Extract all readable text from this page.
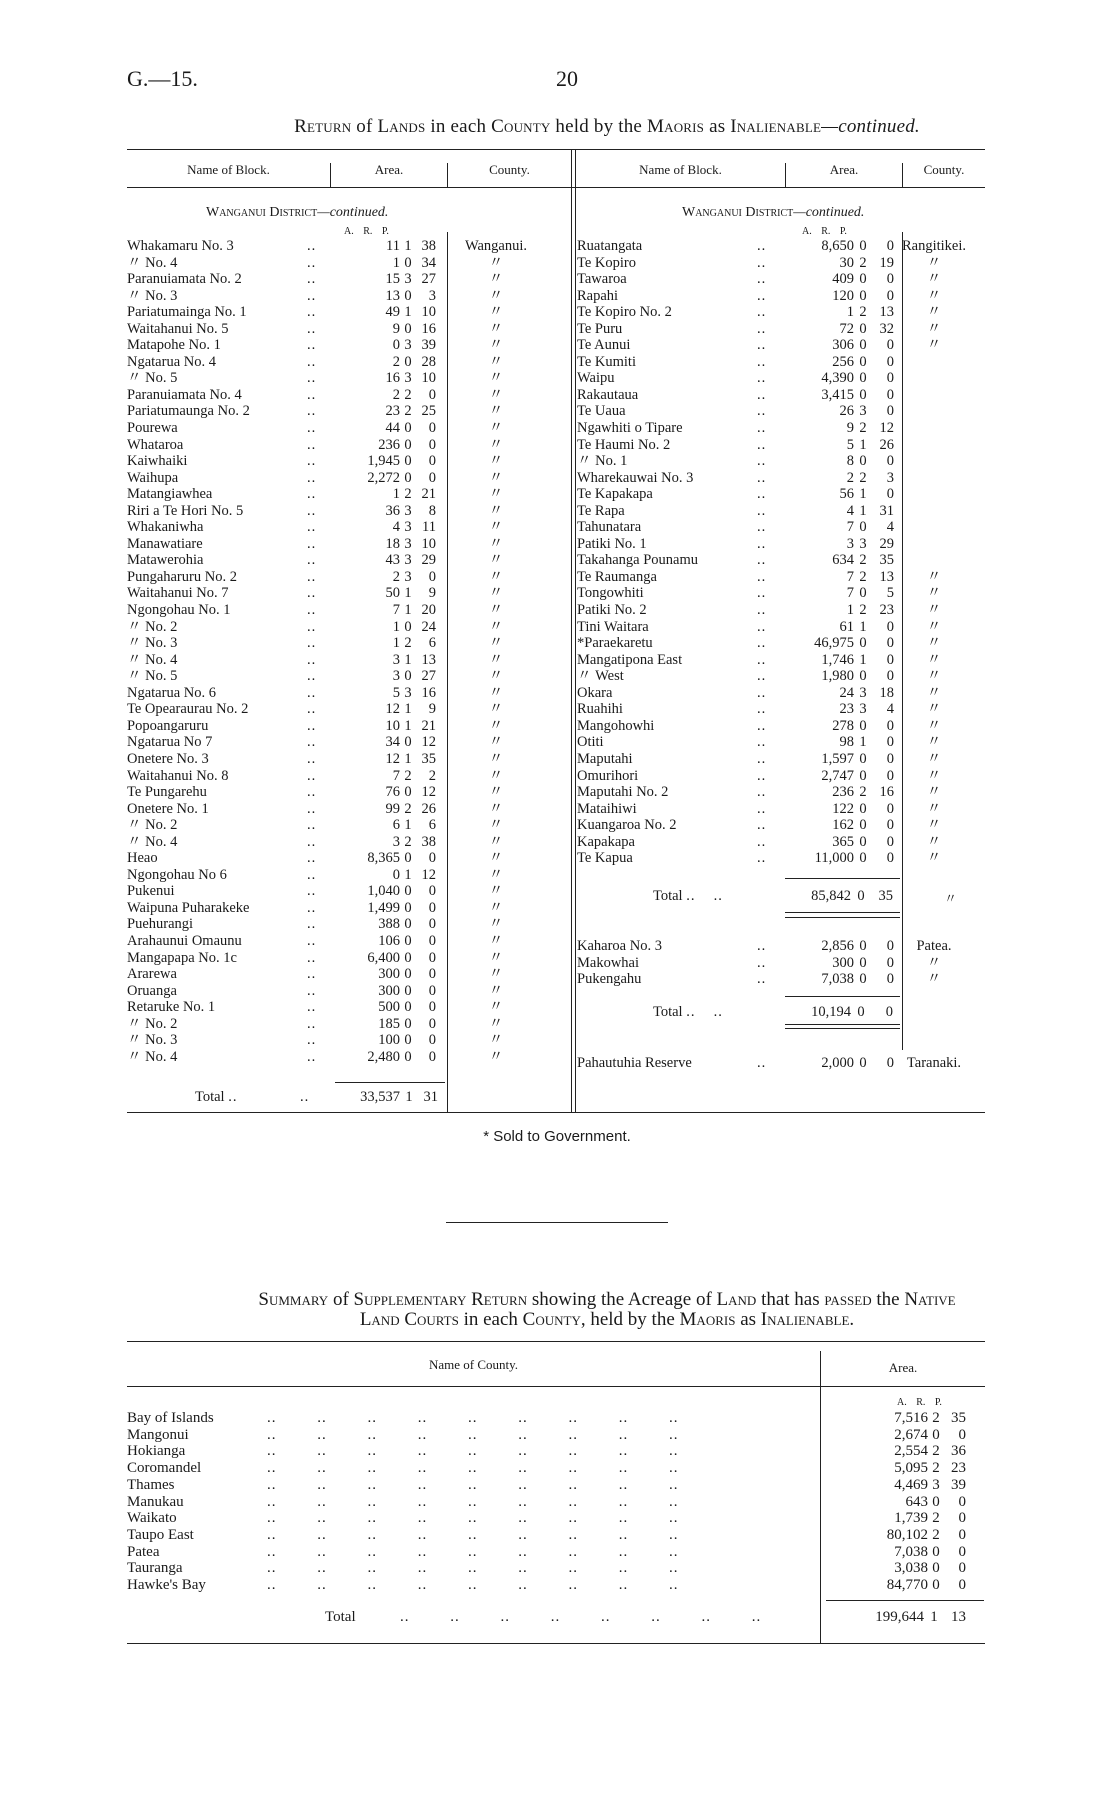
G.—15.	20
Return of Lands in each County held by the Maoris as Inalienable—continued.
Name of Block.	Area.	County.	Name of Block.	Area.	County.
Wanganui District—continued.	Wanganui District—continued.
A. R. P.	A. R. P.
Whakamaru No. 3	..	11	1	38	Wanganui.
〃 No. 4	..	1	0	34	〃
Paranuiamata No. 2	..	15	3	27	〃
〃 No. 3	..	13	0	3	〃
Pariatumainga No. 1	..	49	1	10	〃
Waitahanui No. 5	..	9	0	16	〃
Matapohe No. 1	..	0	3	39	〃
Ngatarua No. 4	..	2	0	28	〃
〃 No. 5	..	16	3	10	〃
Paranuiamata No. 4	..	2	2	0	〃
Pariatumaunga No. 2	..	23	2	25	〃
Pourewa	..	44	0	0	〃
Whataroa	..	236	0	0	〃
Kaiwhaiki	..	1,945	0	0	〃
Waihupa	..	2,272	0	0	〃
Matangiawhea	..	1	2	21	〃
Riri a Te Hori No. 5	..	36	3	8	〃
Whakaniwha	..	4	3	11	〃
Manawatiare	..	18	3	10	〃
Matawerohia	..	43	3	29	〃
Pungaharuru No. 2	..	2	3	0	〃
Waitahanui No. 7	..	50	1	9	〃
Ngongohau No. 1	..	7	1	20	〃
〃 No. 2	..	1	0	24	〃
〃 No. 3	..	1	2	6	〃
〃 No. 4	..	3	1	13	〃
〃 No. 5	..	3	0	27	〃
Ngatarua No. 6	..	5	3	16	〃
Te Opearaurau No. 2	..	12	1	9	〃
Popoangaruru	..	10	1	21	〃
Ngatarua No 7	..	34	0	12	〃
Onetere No. 3	..	12	1	35	〃
Waitahanui No. 8	..	7	2	2	〃
Te Pungarehu	..	76	0	12	〃
Onetere No. 1	..	99	2	26	〃
〃 No. 2	..	6	1	6	〃
〃 No. 4	..	3	2	38	〃
Heao	..	8,365	0	0	〃
Ngongohau No 6	..	0	1	12	〃
Pukenui	..	1,040	0	0	〃
Waipuna Puharakeke	..	1,499	0	0	〃
Puehurangi	..	388	0	0	〃
Arahaunui Omaunu	..	106	0	0	〃
Mangapapa No. 1c	..	6,400	0	0	〃
Ararewa	..	300	0	0	〃
Oruanga	..	300	0	0	〃
Retaruke No. 1	..	500	0	0	〃
〃 No. 2	..	185	0	0	〃
〃 No. 3	..	100	0	0	〃
〃 No. 4	..	2,480	0	0	〃
Ruatangata	..	8,650	0	0	Rangitikei.
Te Kopiro	..	30	2	19	〃
Tawaroa	..	409	0	0	〃
Rapahi	..	120	0	0	〃
Te Kopiro No. 2	..	1	2	13	〃
Te Puru	..	72	0	32	〃
Te Aunui	..	306	0	0	〃
Te Kumiti	..	256	0	0	
Waipu	..	4,390	0	0	
Rakautaua	..	3,415	0	0	
Te Uaua	..	26	3	0	
Ngawhiti o Tipare	..	9	2	12	
Te Haumi No. 2	..	5	1	26	
〃 No. 1	..	8	0	0	
Wharekauwai No. 3	..	2	2	3	
Te Kapakapa	..	56	1	0	
Te Rapa	..	4	1	31	
Tahunatara	..	7	0	4	
Patiki No. 1	..	3	3	29	
Takahanga Pounamu	..	634	2	35	
Te Raumanga	..	7	2	13	〃
Tongowhiti	..	7	0	5	〃
Patiki No. 2	..	1	2	23	〃
Tini Waitara	..	61	1	0	〃
*Paraekaretu	..	46,975	0	0	〃
Mangatipona East	..	1,746	1	0	〃
〃 West	..	1,980	0	0	〃
Okara	..	24	3	18	〃
Ruahihi	..	23	3	4	〃
Mangohowhi	..	278	0	0	〃
Otiti	..	98	1	0	〃
Maputahi	..	1,597	0	0	〃
Omurihori	..	2,747	0	0	〃
Maputahi No. 2	..	236	2	16	〃
Mataihiwi	..	122	0	0	〃
Kuangaroa No. 2	..	162	0	0	〃
Kapakapa	..	365	0	0	〃
Te Kapua	..	11,000	0	0	〃
Total ..	..	33,537 1 31
Total .. ..	85,842 0 35	〃
Kaharoa No. 3	..	2,856	0	0	Patea.
Makowhai	..	300	0	0	〃
Pukengahu	..	7,038	0	0	〃
Total .. ..	10,194 0	0
Pahautuhia Reserve	..	2,000	0	0	Taranaki.
* Sold to Government.
Summary of Supplementary Return showing the Acreage of Land that has passed the Native
Land Courts in each County, held by the Maoris as Inalienable.
Name of County.	Area.
A. R. P.
Bay of Islands	.. .. .. .. .. .. .. .. ..	7,516	2	35
Mangonui	.. .. .. .. .. .. .. .. ..	2,674	0	0
Hokianga	.. .. .. .. .. .. .. .. ..	2,554	2	36
Coromandel	.. .. .. .. .. .. .. .. ..	5,095	2	23
Thames	.. .. .. .. .. .. .. .. ..	4,469	3	39
Manukau	.. .. .. .. .. .. .. .. ..	643	0	0
Waikato	.. .. .. .. .. .. .. .. ..	1,739	2	0
Taupo East	.. .. .. .. .. .. .. .. ..	80,102	2	0
Patea	.. .. .. .. .. .. .. .. ..	7,038	0	0
Tauranga	.. .. .. .. .. .. .. .. ..	3,038	0	0
Hawke's Bay	.. .. .. .. .. .. .. .. ..	84,770	0	0
Total	.. .. .. .. .. .. .. ..	199,644 1 13
